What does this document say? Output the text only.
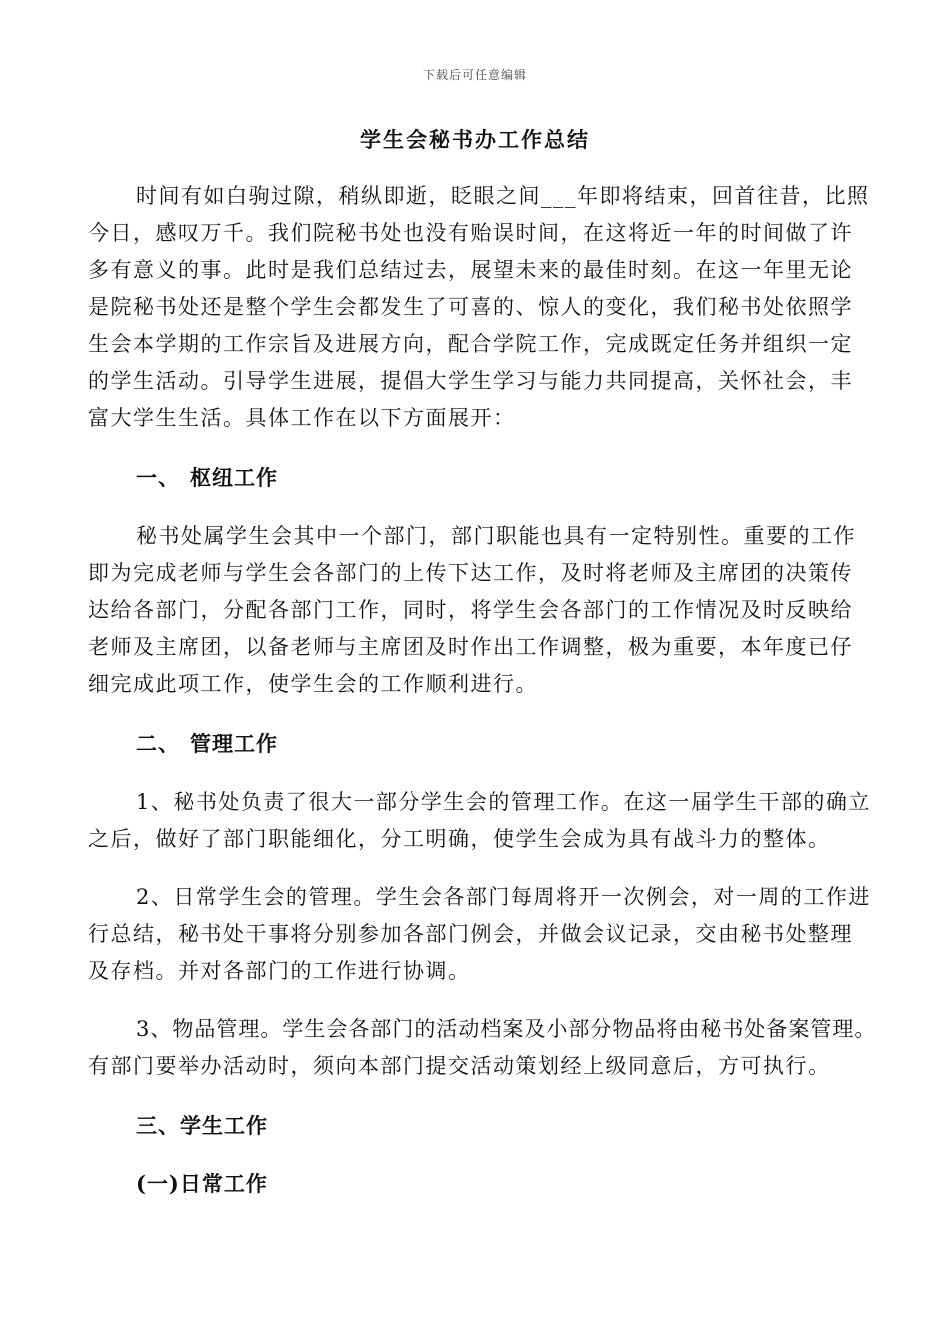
下载后可任意编辑
学生会秘书办工作总结
时间有如白驹过隙，稍纵即逝，眨眼之间___年即将结束，回首往昔，比照
今日，感叹万千。我们院秘书处也没有贻误时间，在这将近一年的时间做了许
多有意义的事。此时是我们总结过去，展望未来的最佳时刻。在这一年里无论
是院秘书处还是整个学生会都发生了可喜的、惊人的变化，我们秘书处依照学
生会本学期的工作宗旨及进展方向，配合学院工作，完成既定任务并组织一定
的学生活动。引导学生进展，提倡大学生学习与能力共同提高，关怀社会，丰
富大学生生活。具体工作在以下方面展开：
一、 枢纽工作
秘书处属学生会其中一个部门，部门职能也具有一定特别性。重要的工作
即为完成老师与学生会各部门的上传下达工作，及时将老师及主席团的决策传
达给各部门，分配各部门工作，同时，将学生会各部门的工作情况及时反映给
老师及主席团，以备老师与主席团及时作出工作调整，极为重要，本年度已仔
细完成此项工作，使学生会的工作顺利进行。
二、 管理工作
1、秘书处负责了很大一部分学生会的管理工作。在这一届学生干部的确立
之后，做好了部门职能细化，分工明确，使学生会成为具有战斗力的整体。
2、日常学生会的管理。学生会各部门每周将开一次例会，对一周的工作进
行总结，秘书处干事将分别参加各部门例会，并做会议记录，交由秘书处整理
及存档。并对各部门的工作进行协调。
3、物品管理。学生会各部门的活动档案及小部分物品将由秘书处备案管理。
有部门要举办活动时，须向本部门提交活动策划经上级同意后，方可执行。
三、学生工作
(一)日常工作
